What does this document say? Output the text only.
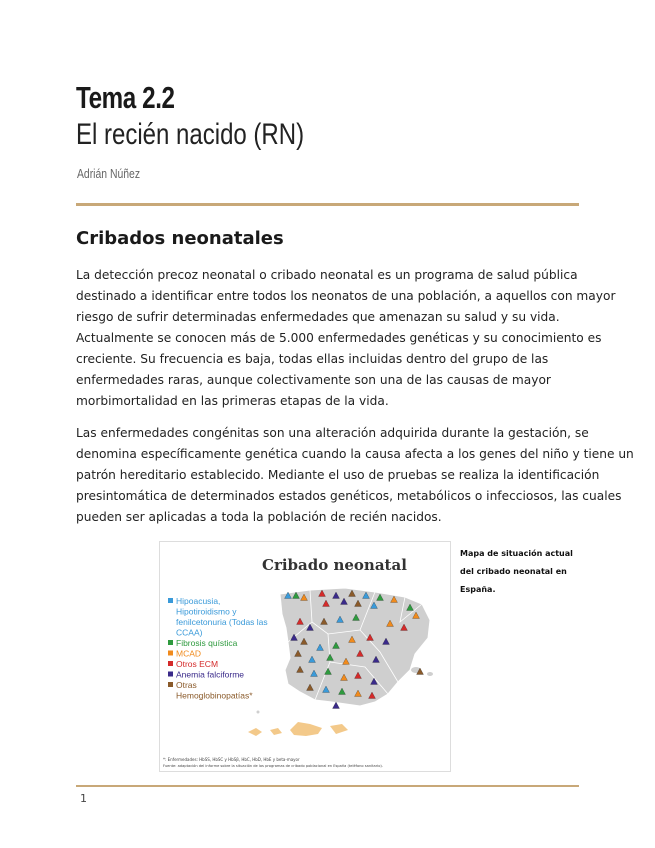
Tema 2.2
El recién nacido (RN)
Adrián Núñez
Cribados neonatales
La detección precoz neonatal o cribado neonatal es un programa de salud pública
destinado a identificar entre todos los neonatos de una población, a aquellos con mayor
riesgo de sufrir determinadas enfermedades que amenazan su salud y su vida.
Actualmente se conocen más de 5.000 enfermedades genéticas y su conocimiento es
creciente. Su frecuencia es baja, todas ellas incluidas dentro del grupo de las
enfermedades raras, aunque colectivamente son una de las causas de mayor
morbimortalidad en las primeras etapas de la vida.
Las enfermedades congénitas son una alteración adquirida durante la gestación, se
denomina específicamente genética cuando la causa afecta a los genes del niño y tiene un
patrón hereditario establecido. Mediante el uso de pruebas se realiza la identificación
presintomática de determinados estados genéticos, metabólicos o infecciosos, las cuales
pueden ser aplicadas a toda la población de recién nacidos.
Cribado neonatal
Hipoacusia,
Hipotiroidismo y
fenilcetonuria (Todas las
CCAA)
Fibrosis quística
MCAD
Otros ECM
Anemia falciforme
Otras
Hemoglobinopatías*
*: Enfermedades: HbSS, HbSC y HbSβ, HbC, HbD, HbE y beta-mayor
Fuente: adaptación del informe sobre la situación de los programas de cribado poblacional en España (teléfono sanitario).
Mapa de situación actual
del cribado neonatal en
España.
1
